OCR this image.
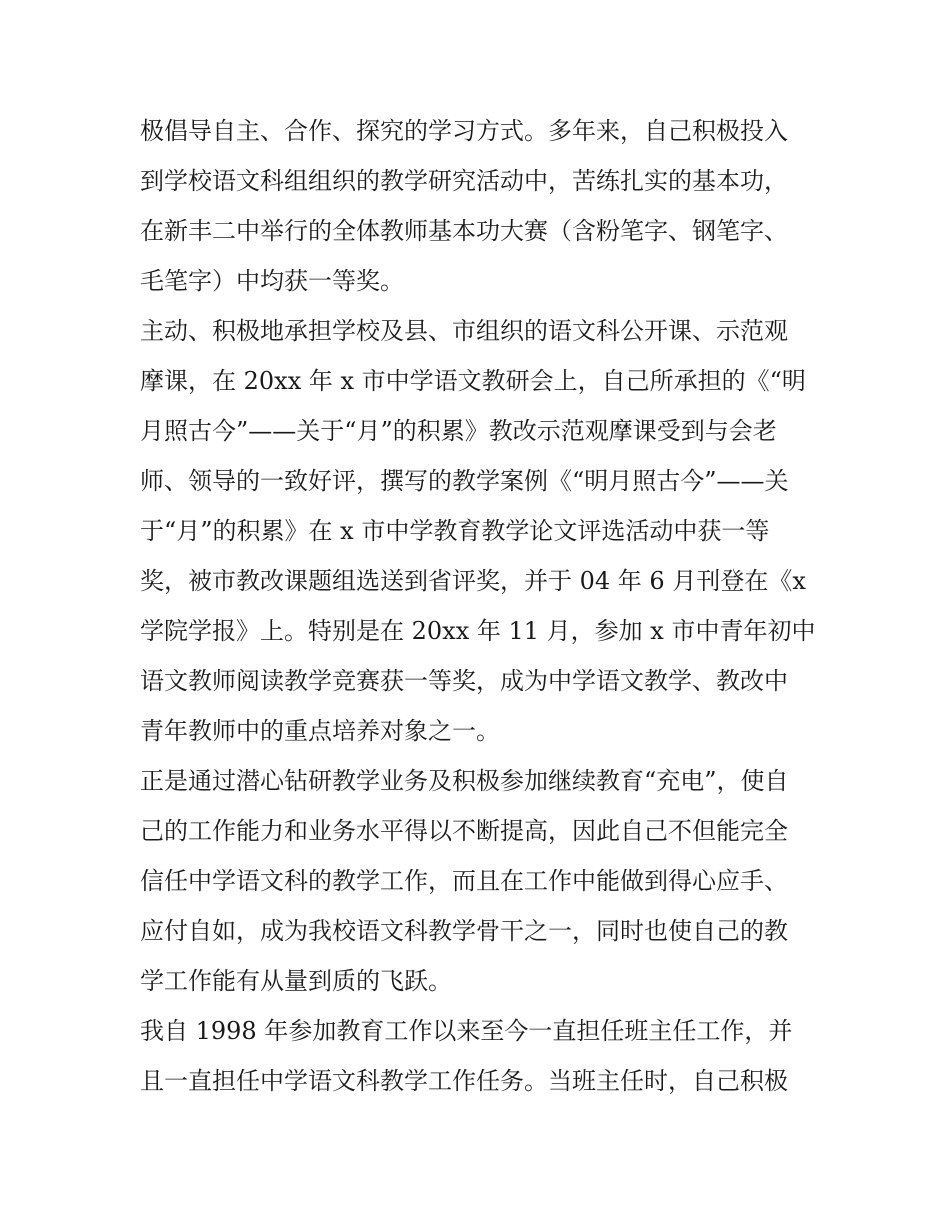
极倡导自主、合作、探究的学习方式。多年来，自己积极投入
到学校语文科组组织的教学研究活动中，苦练扎实的基本功，
在新丰二中举行的全体教师基本功大赛（含粉笔字、钢笔字、
毛笔字）中均获一等奖。
主动、积极地承担学校及县、市组织的语文科公开课、示范观
摩课，在 20xx 年 x 市中学语文教研会上，自己所承担的《“明
月照古今”——关于“月”的积累》教改示范观摩课受到与会老
师、领导的一致好评，撰写的教学案例《“明月照古今”——关
于“月”的积累》在 x 市中学教育教学论文评选活动中获一等
奖，被市教改课题组选送到省评奖，并于 04 年 6 月刊登在《x
学院学报》上。特别是在 20xx 年 11 月，参加 x 市中青年初中
语文教师阅读教学竞赛获一等奖，成为中学语文教学、教改中
青年教师中的重点培养对象之一。
正是通过潜心钻研教学业务及积极参加继续教育“充电”，使自
己的工作能力和业务水平得以不断提高，因此自己不但能完全
信任中学语文科的教学工作，而且在工作中能做到得心应手、
应付自如，成为我校语文科教学骨干之一，同时也使自己的教
学工作能有从量到质的飞跃。
我自 1998 年参加教育工作以来至今一直担任班主任工作，并
且一直担任中学语文科教学工作任务。当班主任时，自己积极
